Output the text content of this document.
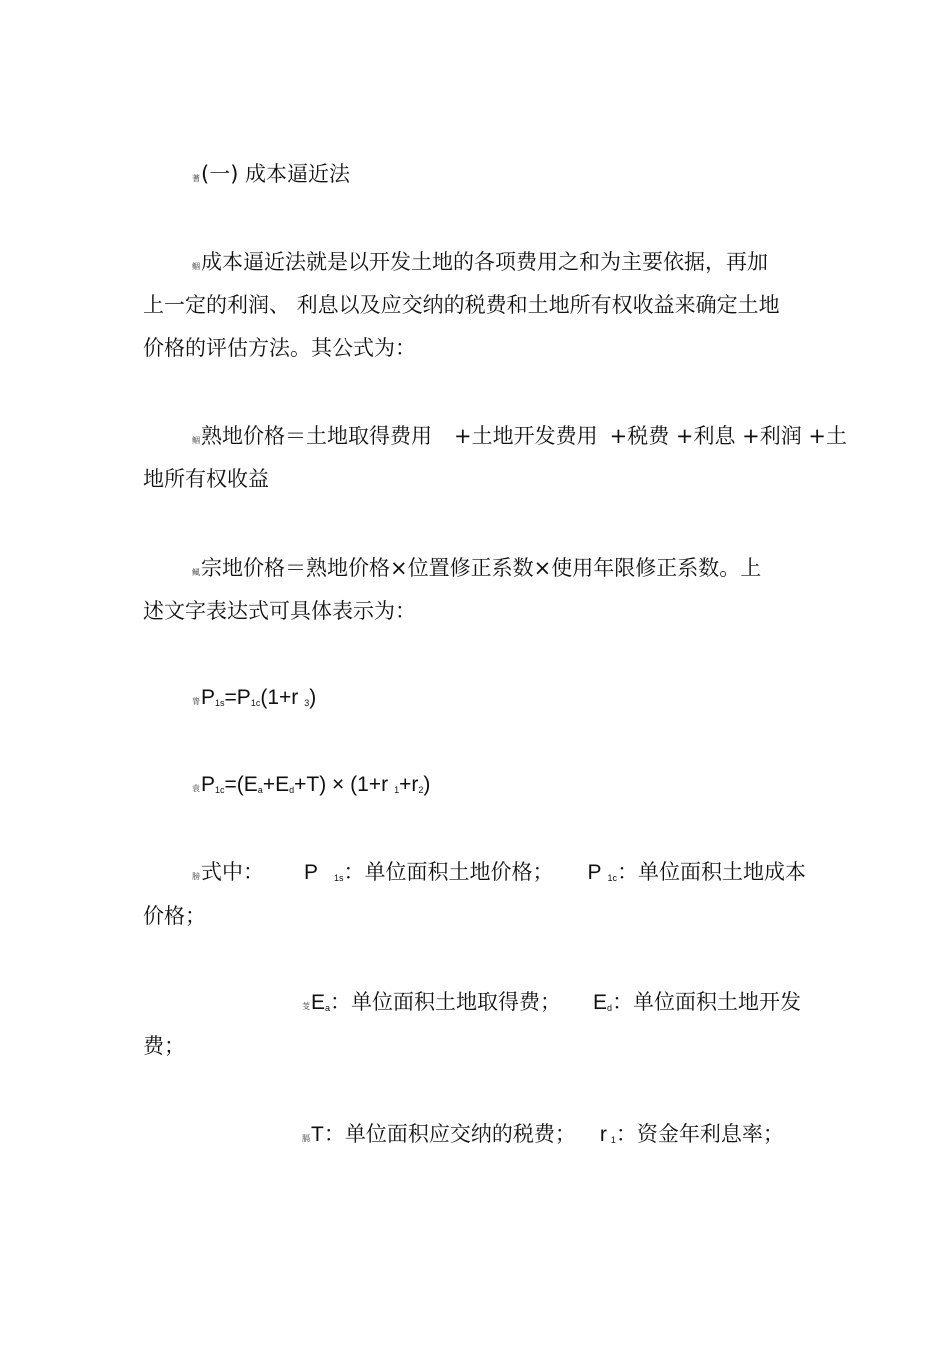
蓍(一) 成本逼近法
鲴成本逼近法就是以开发土地的各项费用之和为主要依据，再加
上一定的利润、 利息以及应交纳的税费和土地所有权收益来确定土地
价格的评估方法。其公式为：
鲴熟地价格＝土地取得费用 +土地开发费用 +税费 +利息 +利润 +土
地所有权收益
鲺宗地价格＝熟地价格×位置修正系数×使用年限修正系数。上
述文字表达式可具体表示为：
膂$P_{1s}=P_{1c}(1+r$ $_3$)
袁$P_{1c}=(E_a+E_d+T) \times (1+r$ $_1+r_2$)
膀式中： P $_{1s}$：单位面积土地价格； P $_{1c}$：单位面积土地成本
价格；
芰$E_a$：单位面积土地取得费； $E_d$：单位面积土地开发
费；
膈T：单位面积应交纳的税费； r $_1$：资金年利息率；
